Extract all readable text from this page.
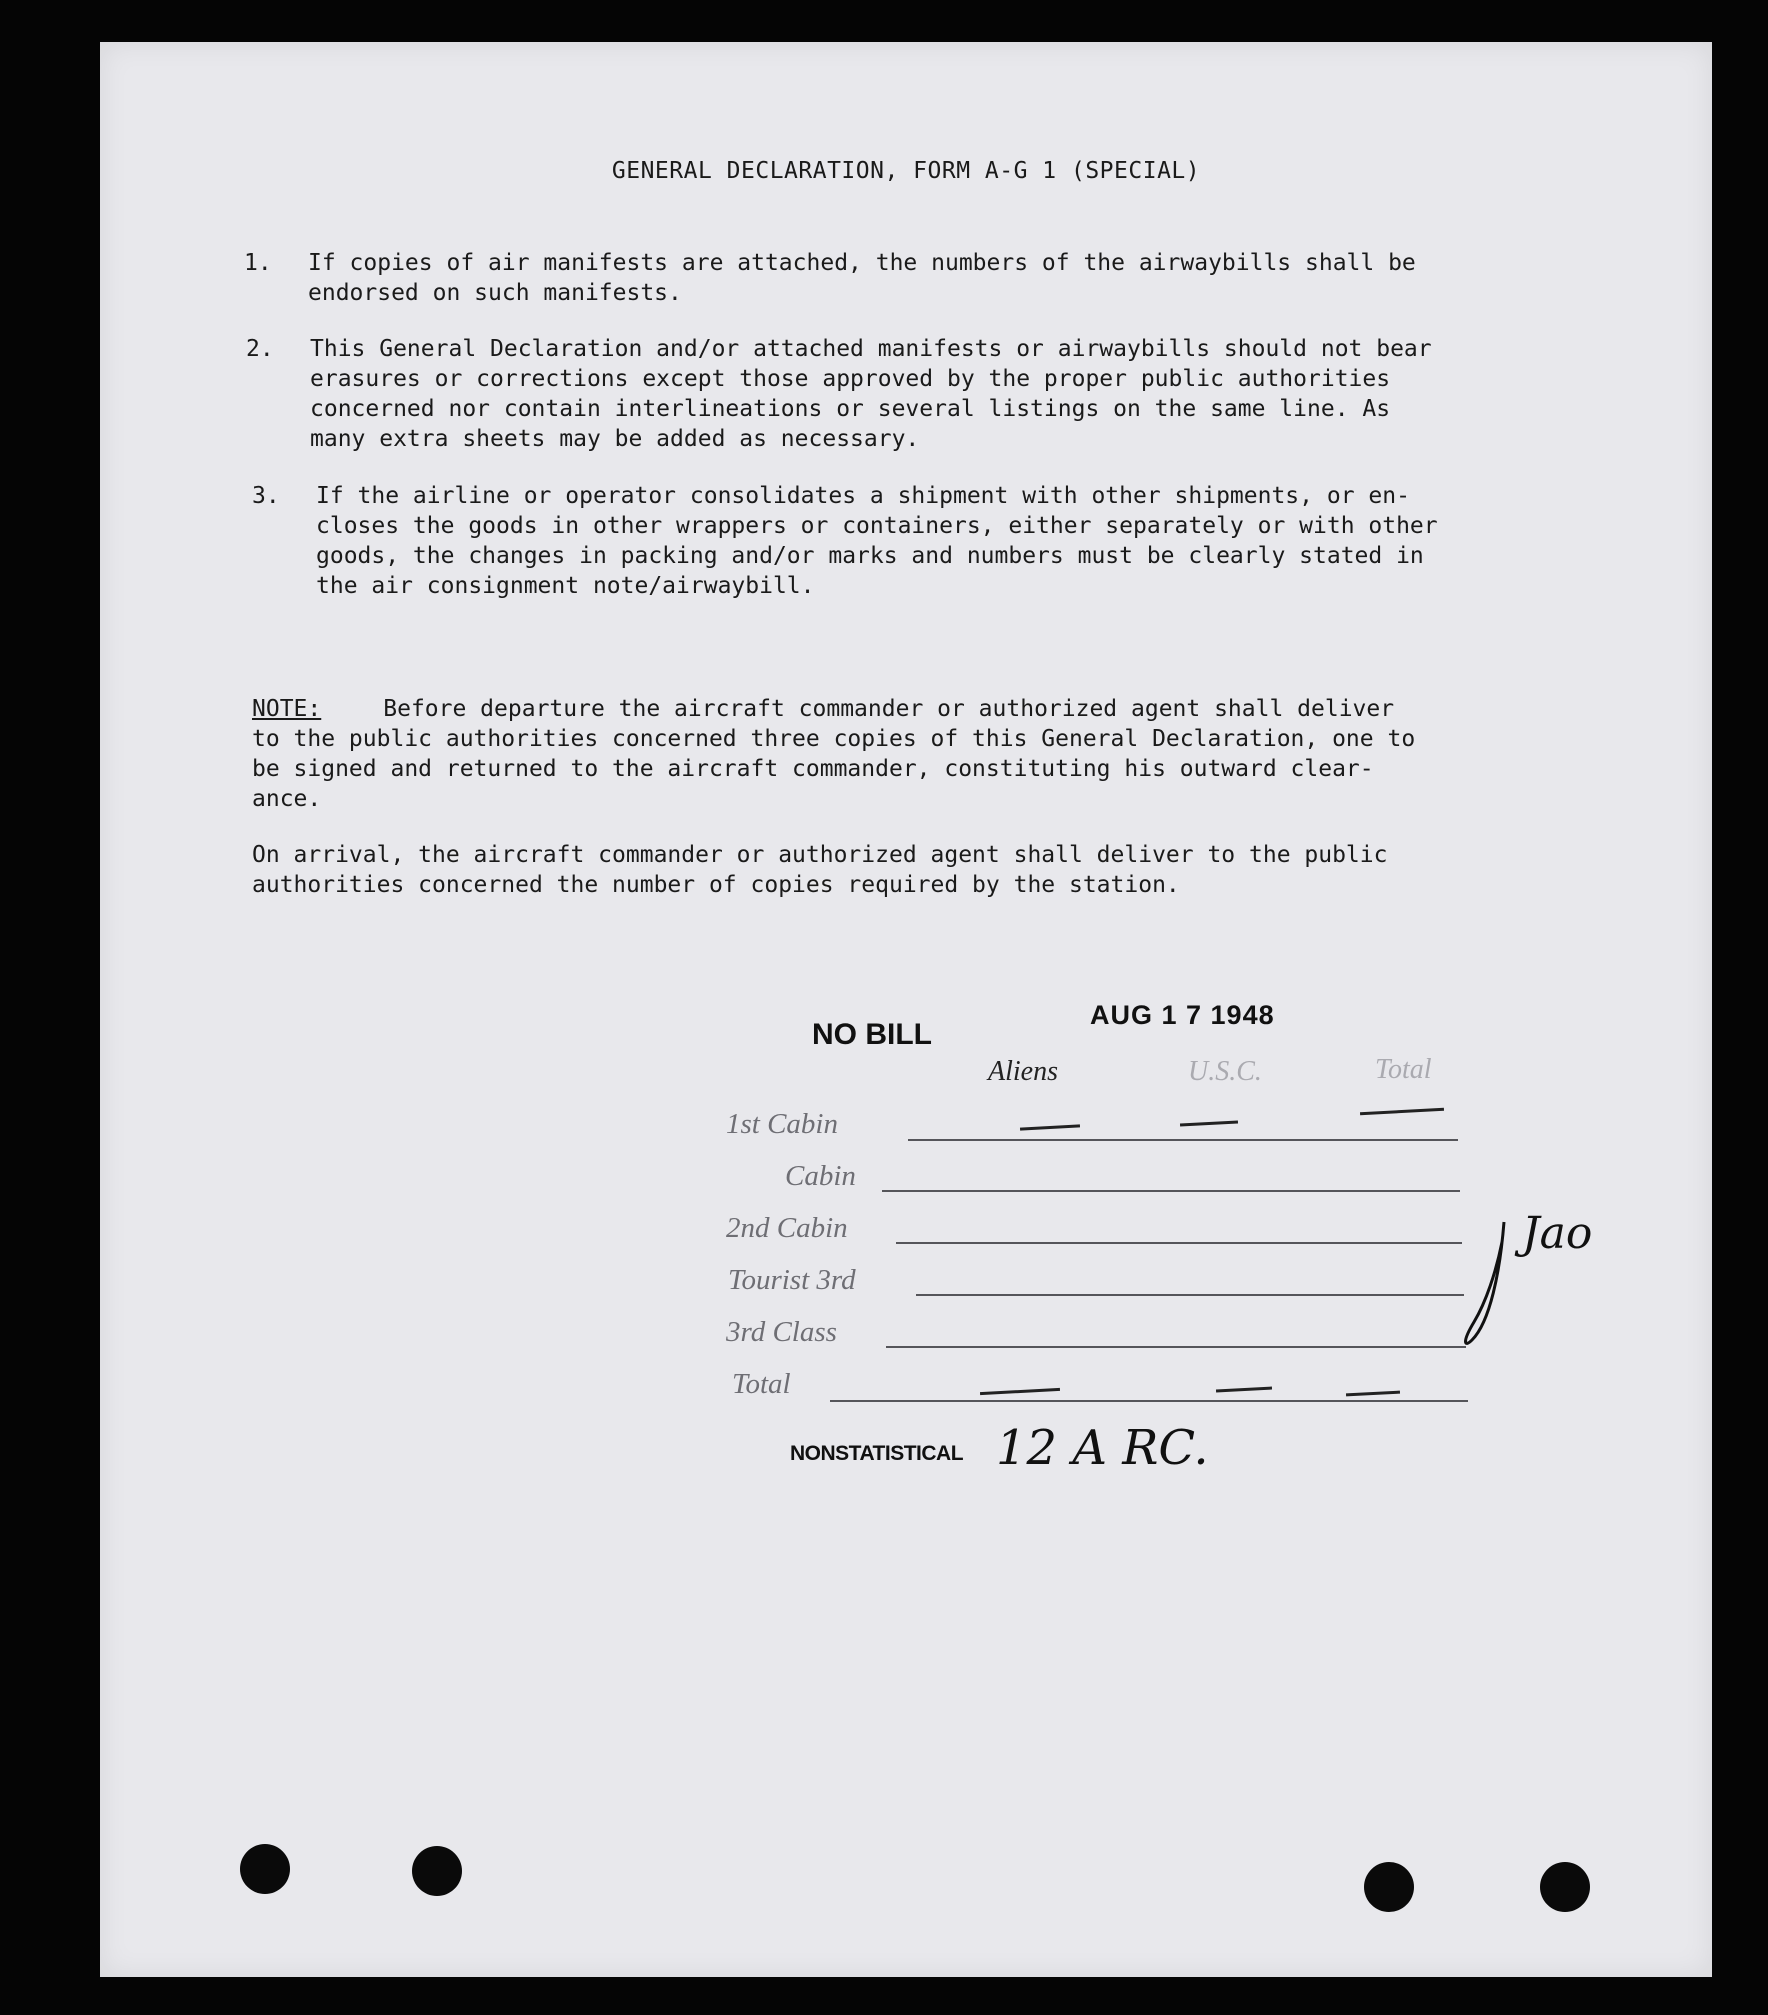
GENERAL DECLARATION, FORM A-G 1 (SPECIAL)
1. If copies of air manifests are attached, the numbers of the airwaybills shall be
endorsed on such manifests.
2. This General Declaration and/or attached manifests or airwaybills should not bear
erasures or corrections except those approved by the proper public authorities
concerned nor contain interlineations or several listings on the same line. As
many extra sheets may be added as necessary.
3. If the airline or operator consolidates a shipment with other shipments, or en-
closes the goods in other wrappers or containers, either separately or with other
goods, the changes in packing and/or marks and numbers must be clearly stated in
the air consignment note/airwaybill.
NOTE:	Before departure the aircraft commander or authorized agent shall deliver
to the public authorities concerned three copies of this General Declaration, one to
be signed and returned to the aircraft commander, constituting his outward clear-
ance.
On arrival, the aircraft commander or authorized agent shall deliver to the public
authorities concerned the number of copies required by the station.
NO BILL
AUG 1 7 1948
Aliens	U.S.C.	Total
1st Cabin
Cabin
2nd Cabin
Tourist 3rd
3rd Class
Total
Jao
NONSTATISTICAL 12 A RC.
